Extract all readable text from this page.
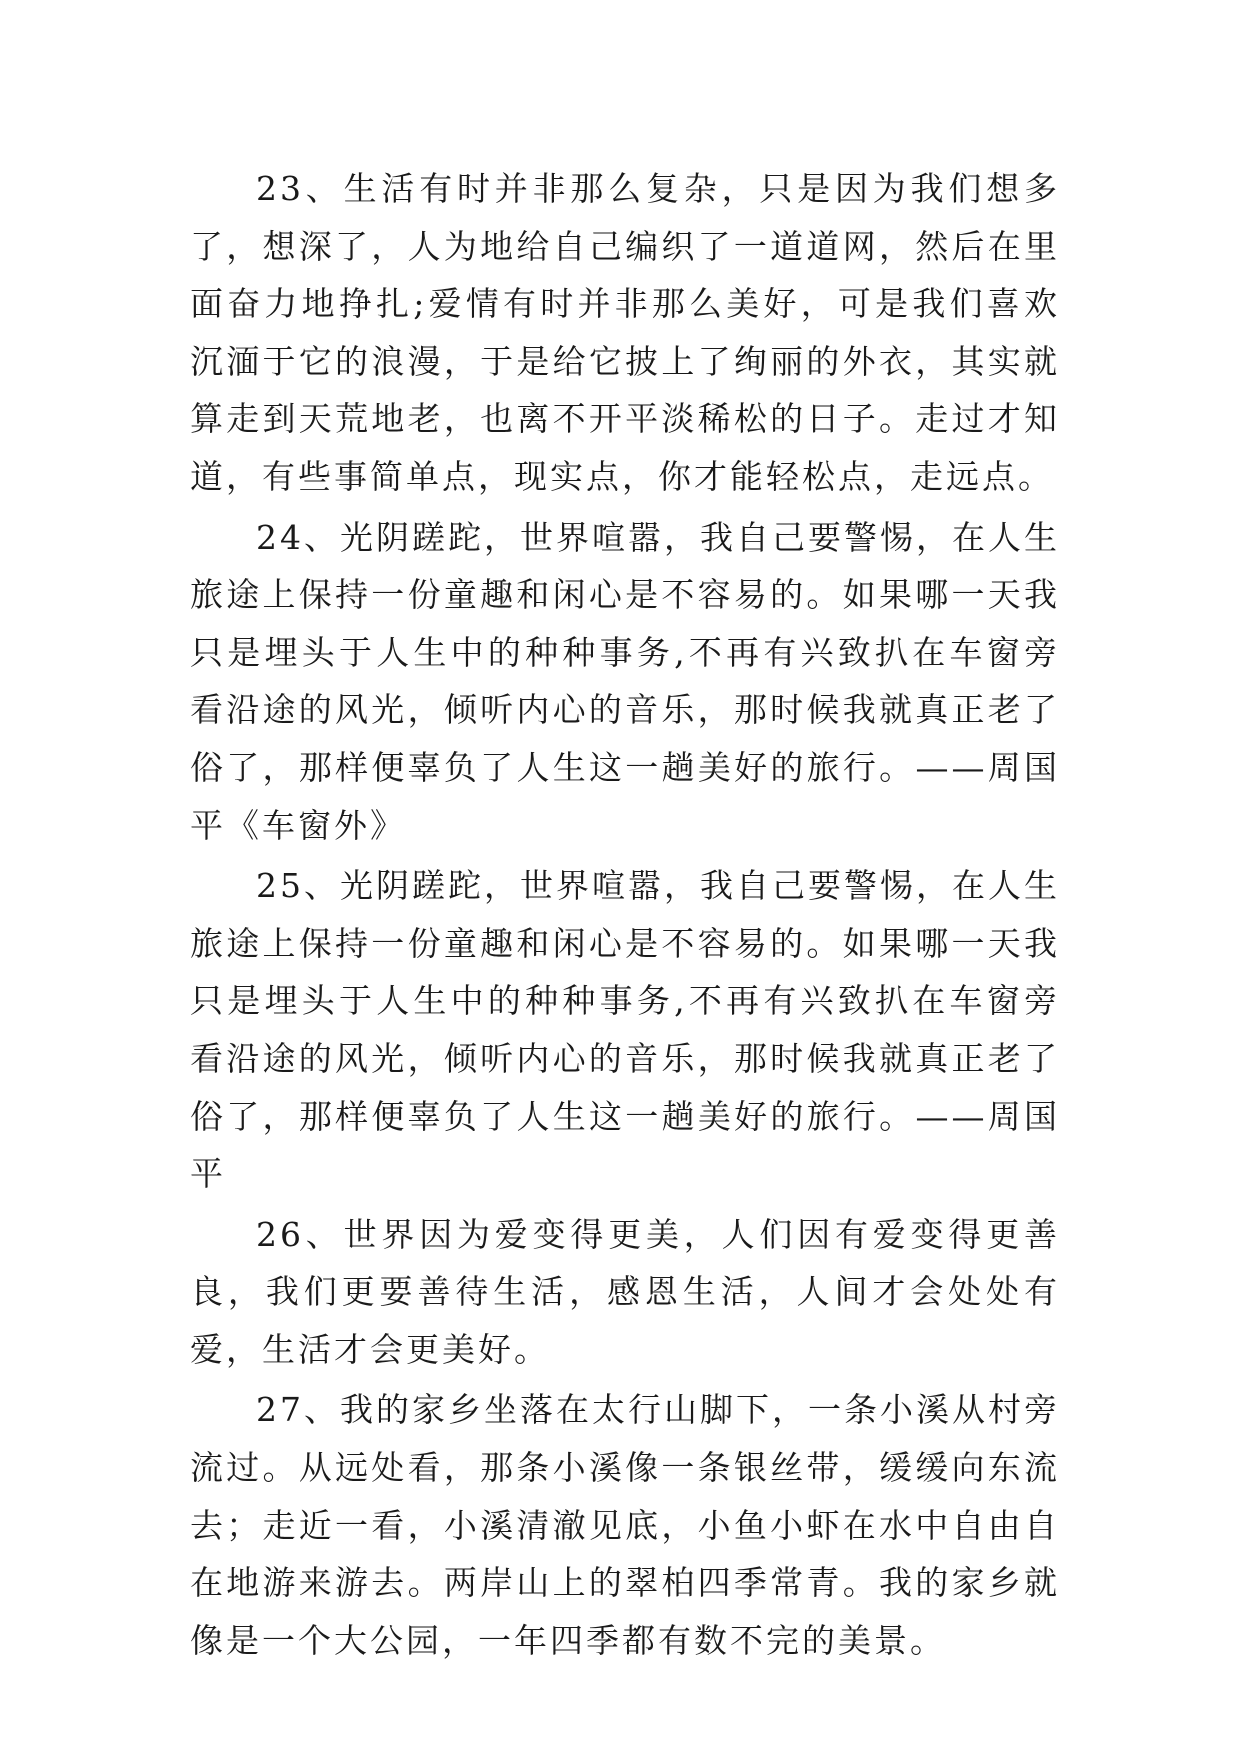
23、生活有时并非那么复杂，只是因为我们想多了，想深了，人为地给自己编织了一道道网，然后在里面奋力地挣扎;爱情有时并非那么美好，可是我们喜欢沉湎于它的浪漫，于是给它披上了绚丽的外衣，其实就算走到天荒地老，也离不开平淡稀松的日子。走过才知道，有些事简单点，现实点，你才能轻松点，走远点。

24、光阴蹉跎，世界喧嚣，我自己要警惕，在人生旅途上保持一份童趣和闲心是不容易的。如果哪一天我只是埋头于人生中的种种事务,不再有兴致扒在车窗旁看沿途的风光，倾听内心的音乐，那时候我就真正老了俗了，那样便辜负了人生这一趟美好的旅行。——周国平《车窗外》

25、光阴蹉跎，世界喧嚣，我自己要警惕，在人生旅途上保持一份童趣和闲心是不容易的。如果哪一天我只是埋头于人生中的种种事务,不再有兴致扒在车窗旁看沿途的风光，倾听内心的音乐，那时候我就真正老了俗了，那样便辜负了人生这一趟美好的旅行。——周国平

26、世界因为爱变得更美，人们因有爱变得更善良，我们更要善待生活，感恩生活，人间才会处处有爱，生活才会更美好。

27、我的家乡坐落在太行山脚下，一条小溪从村旁流过。从远处看，那条小溪像一条银丝带，缓缓向东流去；走近一看，小溪清澈见底，小鱼小虾在水中自由自在地游来游去。两岸山上的翠柏四季常青。我的家乡就像是一个大公园，一年四季都有数不完的美景。
